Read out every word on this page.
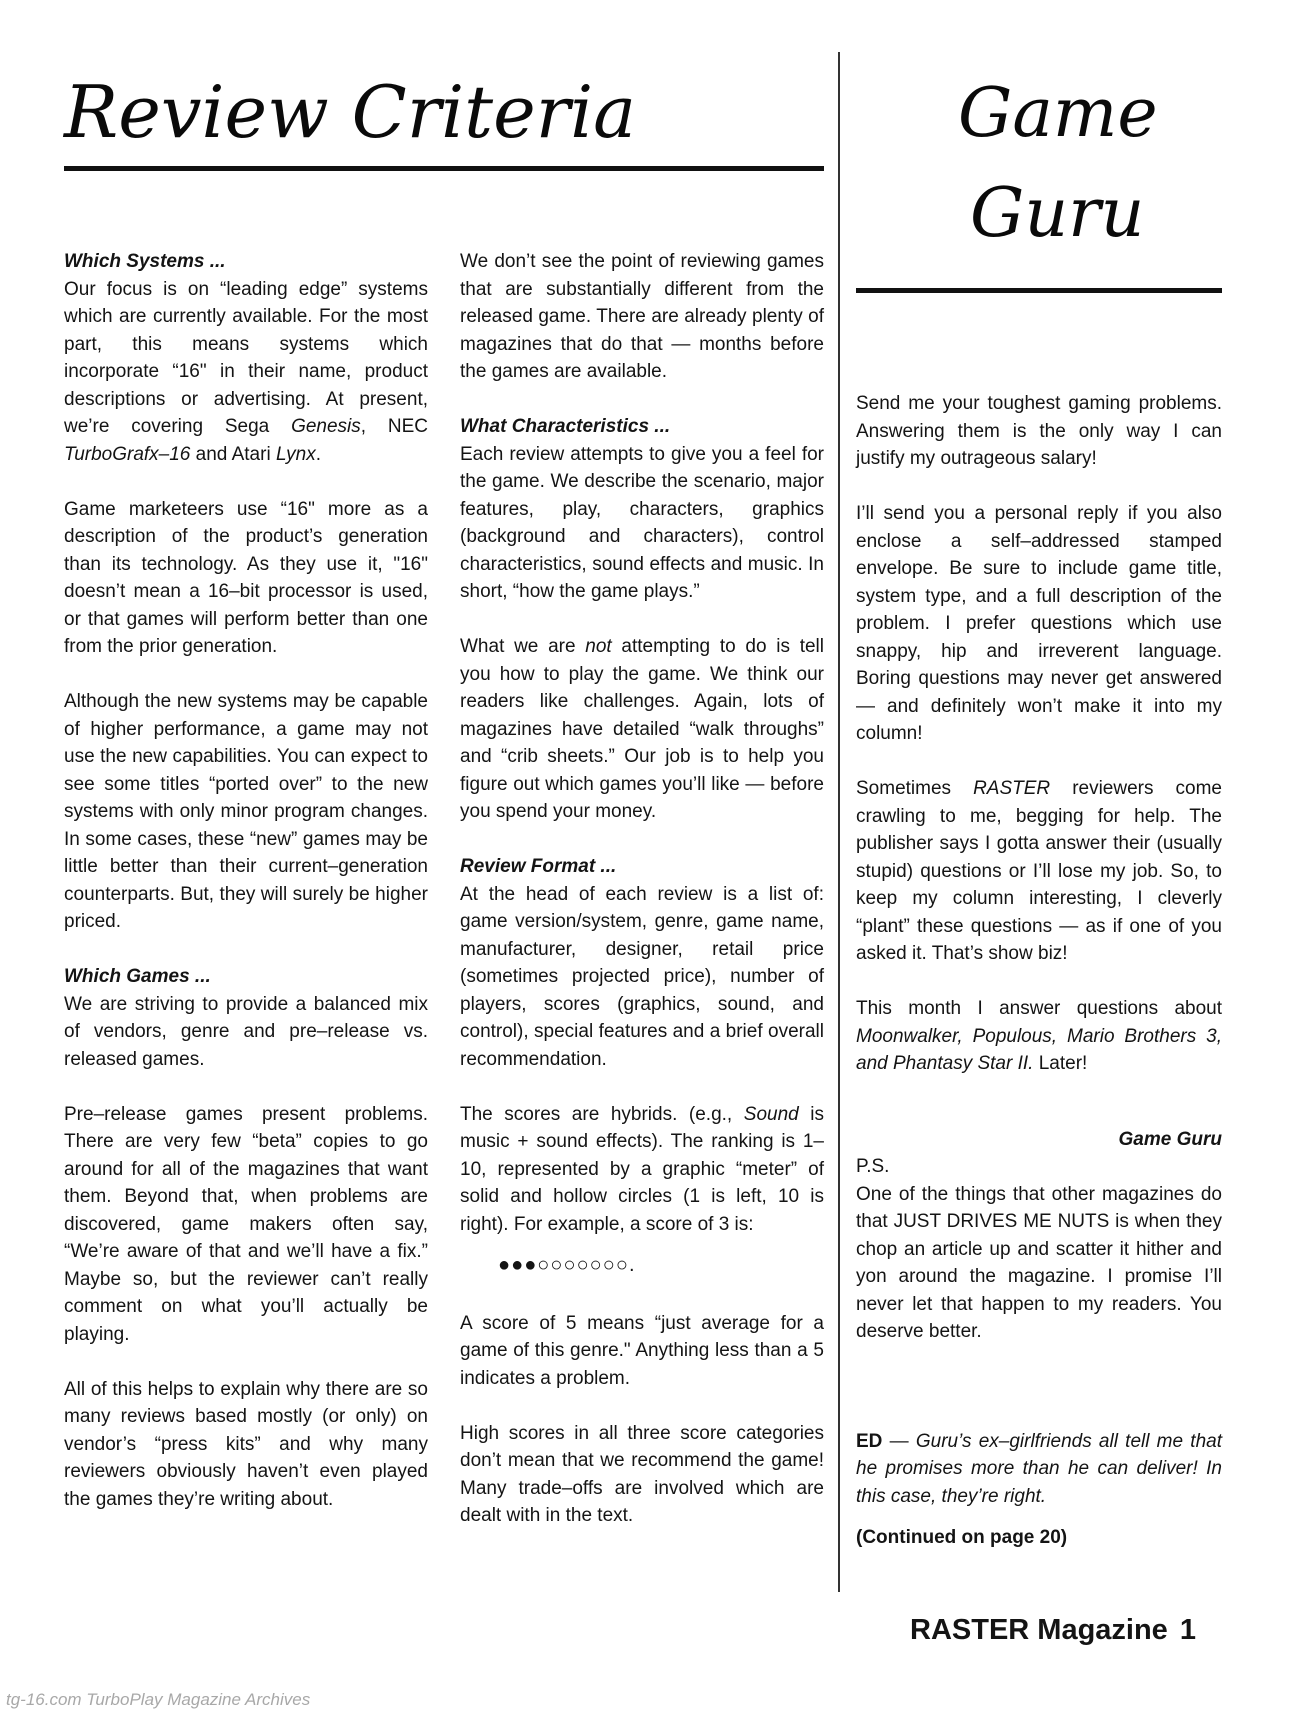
Review Criteria	Game
Guru

Which Systems ...

Our focus is on “leading edge” systems which are currently available. For the most part, this means systems which incorporate “16" in their name, product descriptions or advertising. At present, we’re covering Sega Genesis, NEC TurboGrafx–16 and Atari Lynx.

Game marketeers use “16" more as a description of the product’s generation than its technology. As they use it, "16" doesn’t mean a 16–bit processor is used, or that games will perform better than one from the prior generation.

Although the new systems may be capable of higher performance, a game may not use the new capabilities. You can expect to see some titles “ported over” to the new systems with only minor program changes. In some cases, these “new” games may be little better than their current–generation counterparts. But, they will surely be higher priced.

Which Games ...

We are striving to provide a balanced mix of vendors, genre and pre–release vs. released games.

Pre–release games present problems. There are very few “beta” copies to go around for all of the magazines that want them. Beyond that, when problems are discovered, game makers often say, “We’re aware of that and we’ll have a fix.” Maybe so, but the reviewer can’t really comment on what you’ll actually be playing.

All of this helps to explain why there are so many reviews based mostly (or only) on vendor’s “press kits” and why many reviewers obviously haven’t even played the games they’re writing about.

We don’t see the point of reviewing games that are substantially different from the released game. There are already plenty of magazines that do that — months before the games are available.

What Characteristics ...

Each review attempts to give you a feel for the game. We describe the scenario, major features, play, characters, graphics (background and characters), control characteristics, sound effects and music. In short, “how the game plays.”

What we are not attempting to do is tell you how to play the game. We think our readers like challenges. Again, lots of magazines have detailed “walk throughs” and “crib sheets.” Our job is to help you figure out which games you’ll like — before you spend your money.

Review Format ...

At the head of each review is a list of: game version/system, genre, game name, manufacturer, designer, retail price (sometimes projected price), number of players, scores (graphics, sound, and control), special features and a brief overall recommendation.

The scores are hybrids. (e.g., Sound is music + sound effects). The ranking is 1–10, represented by a graphic “meter” of solid and hollow circles (1 is left, 10 is right). For example, a score of 3 is:

●●●○○○○○○○.

A score of 5 means “just average for a game of this genre." Anything less than a 5 indicates a problem.

High scores in all three score categories don’t mean that we recommend the game! Many trade–offs are involved which are dealt with in the text.

Send me your toughest gaming problems. Answering them is the only way I can justify my outrageous salary!

I’ll send you a personal reply if you also enclose a self–addressed stamped envelope. Be sure to include game title, system type, and a full description of the problem. I prefer questions which use snappy, hip and irreverent language. Boring questions may never get answered — and definitely won’t make it into my column!

Sometimes RASTER reviewers come crawling to me, begging for help. The publisher says I gotta answer their (usually stupid) questions or I’ll lose my job. So, to keep my column interesting, I cleverly “plant” these questions — as if one of you asked it. That’s show biz!

This month I answer questions about Moonwalker, Populous, Mario Brothers 3, and Phantasy Star II. Later!

Game Guru

P.S.

One of the things that other magazines do that JUST DRIVES ME NUTS is when they chop an article up and scatter it hither and yon around the magazine. I promise I’ll never let that happen to my readers. You deserve better.

ED — Guru’s ex–girlfriends all tell me that he promises more than he can deliver! In this case, they’re right.

(Continued on page 20)

RASTER Magazine 1

tg-16.com TurboPlay Magazine Archives
